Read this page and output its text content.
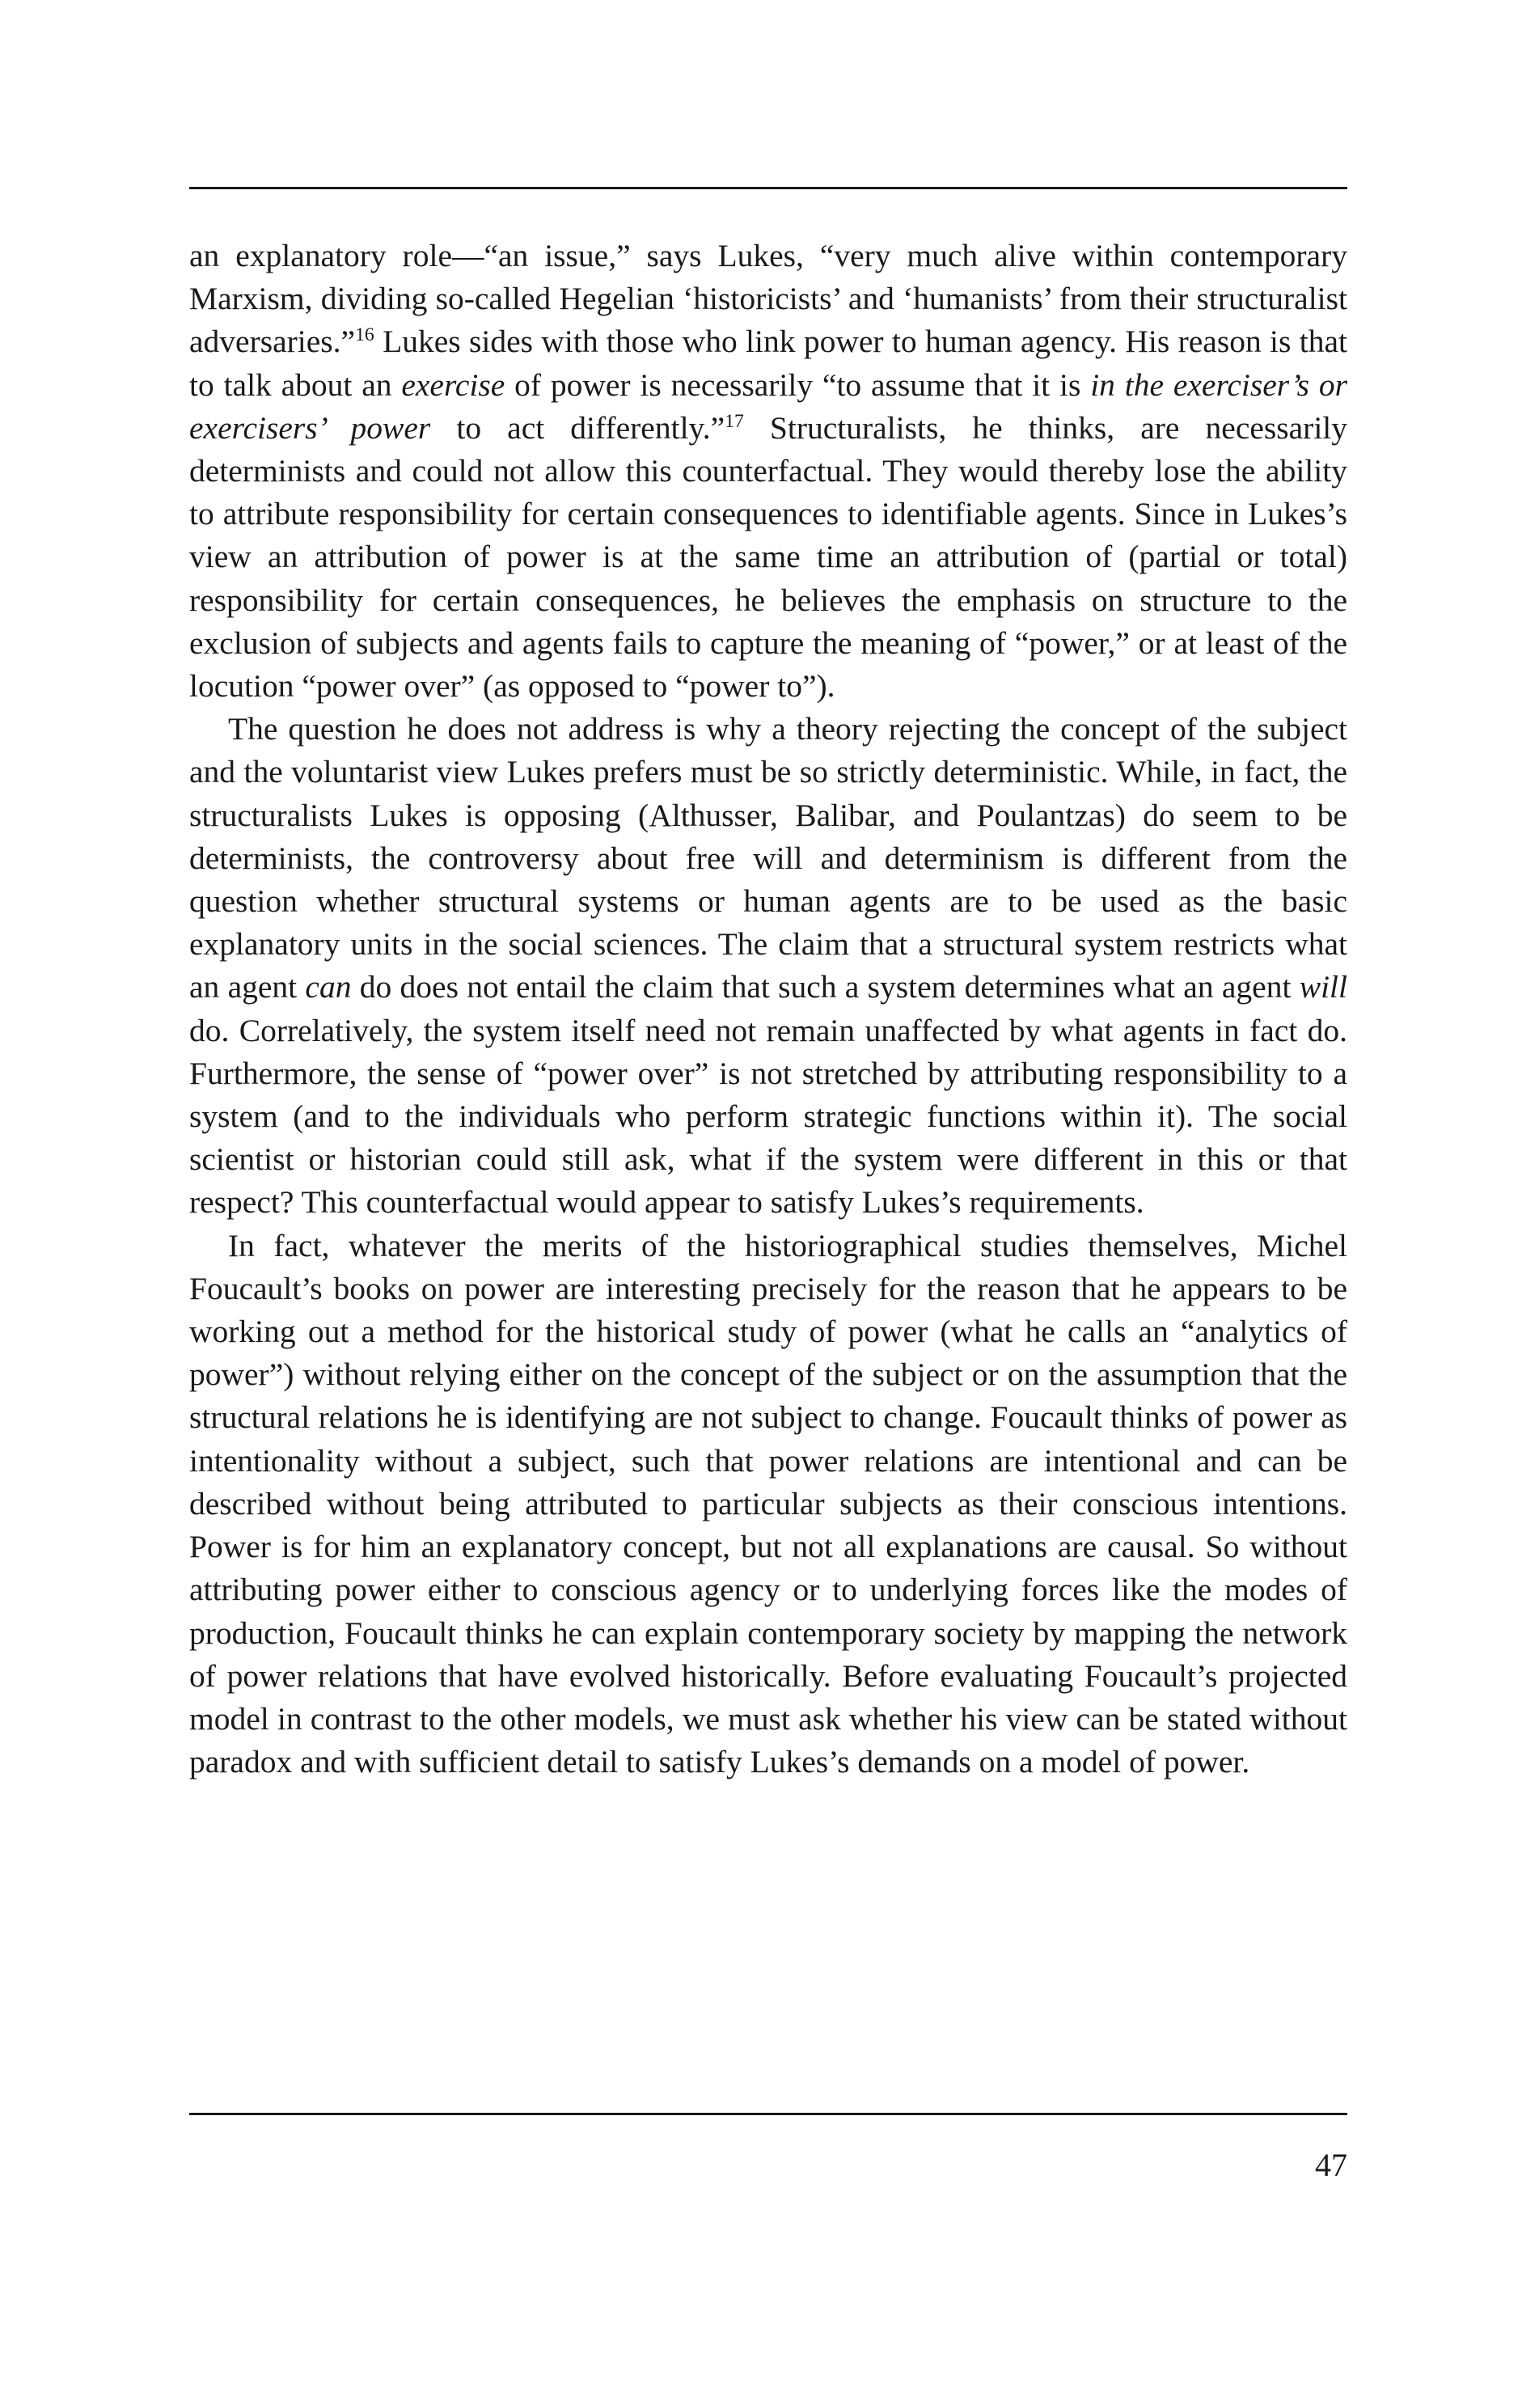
an explanatory role—“an issue,” says Lukes, “very much alive within contemporary Marxism, dividing so-called Hegelian ‘historicists’ and ‘humanists’ from their structuralist adversaries.”$^{16}$ Lukes sides with those who link power to human agency. His reason is that to talk about an exercise of power is necessarily “to assume that it is in the exerciser’s or exercisers’ power to act differently.”$^{17}$ Structuralists, he thinks, are necessarily determinists and could not allow this counterfactual. They would thereby lose the ability to attribute responsibility for certain consequences to identifiable agents. Since in Lukes’s view an attribution of power is at the same time an attribution of (partial or total) responsibility for certain consequences, he believes the emphasis on structure to the exclusion of subjects and agents fails to capture the meaning of “power,” or at least of the locution “power over” (as opposed to “power to”).

The question he does not address is why a theory rejecting the concept of the subject and the voluntarist view Lukes prefers must be so strictly deterministic. While, in fact, the structuralists Lukes is opposing (Althusser, Balibar, and Poulantzas) do seem to be determinists, the controversy about free will and determinism is different from the question whether structural systems or human agents are to be used as the basic explanatory units in the social sciences. The claim that a structural system restricts what an agent can do does not entail the claim that such a system determines what an agent will do. Correlatively, the system itself need not remain unaffected by what agents in fact do. Furthermore, the sense of “power over” is not stretched by attributing responsibility to a system (and to the individuals who perform strategic functions within it). The social scientist or historian could still ask, what if the system were different in this or that respect? This counterfactual would appear to satisfy Lukes’s requirements.

In fact, whatever the merits of the historiographical studies themselves, Michel Foucault’s books on power are interesting precisely for the reason that he appears to be working out a method for the historical study of power (what he calls an “analytics of power”) without relying either on the concept of the subject or on the assumption that the structural relations he is identifying are not subject to change. Foucault thinks of power as intentionality without a subject, such that power relations are intentional and can be described without being attributed to particular subjects as their conscious intentions. Power is for him an explanatory concept, but not all explanations are causal. So without attributing power either to conscious agency or to underlying forces like the modes of production, Foucault thinks he can explain contemporary society by mapping the network of power relations that have evolved historically. Before evaluating Foucault’s projected model in contrast to the other models, we must ask whether his view can be stated without paradox and with sufficient detail to satisfy Lukes’s demands on a model of power.

47
